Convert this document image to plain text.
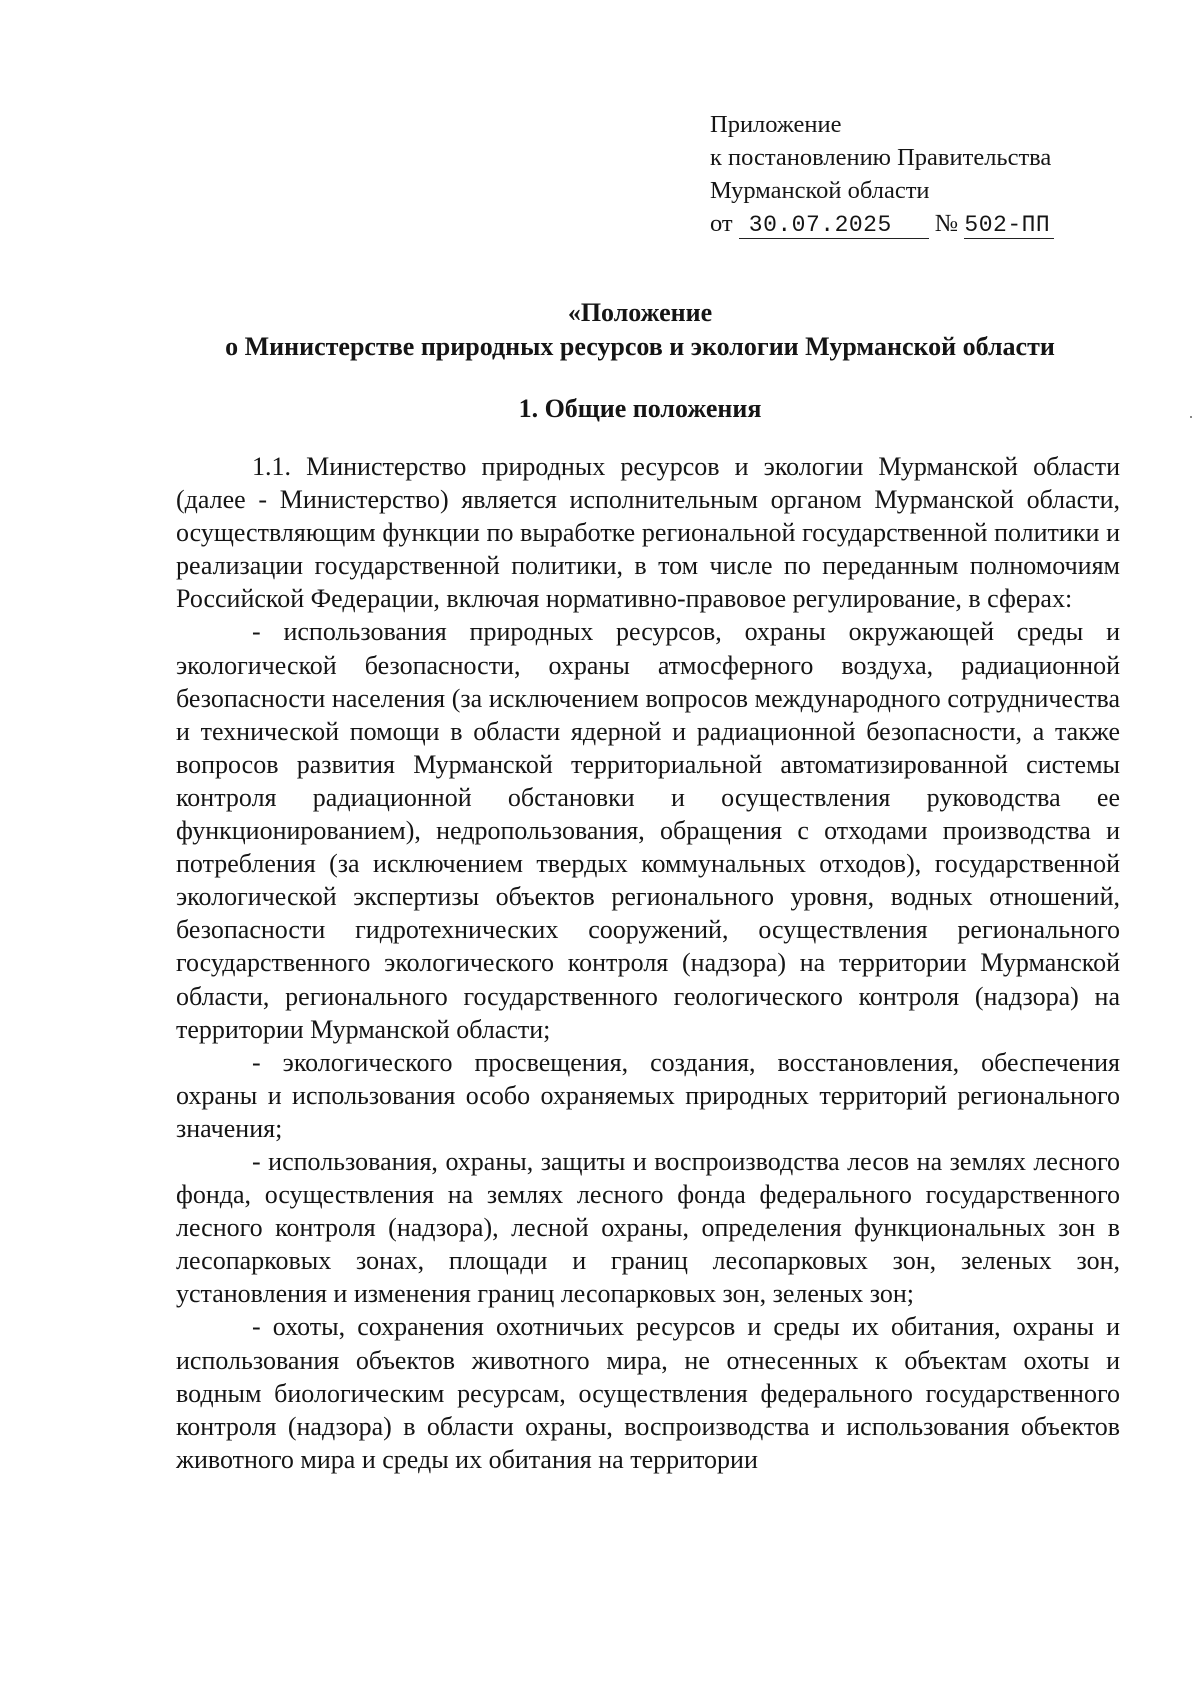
Приложение
к постановлению Правительства
Мурманской области
от 30.07.2025 № 502-ПП
«Положение
о Министерстве природных ресурсов и экологии Мурманской области
1. Общие положения

1.1. Министерство природных ресурсов и экологии Мурманской области (далее - Министерство) является исполнительным органом Мурманской области, осуществляющим функции по выработке региональной государственной политики и реализации государственной политики, в том числе по переданным полномочиям Российской Федерации, включая нормативно-правовое регулирование, в сферах:

- использования природных ресурсов, охраны окружающей среды и экологической безопасности, охраны атмосферного воздуха, радиационной безопасности населения (за исключением вопросов международного сотрудничества и технической помощи в области ядерной и радиационной безопасности, а также вопросов развития Мурманской территориальной автоматизированной системы контроля радиационной обстановки и осуществления руководства ее функционированием), недропользования, обращения с отходами производства и потребления (за исключением твердых коммунальных отходов), государственной экологической экспертизы объектов регионального уровня, водных отношений, безопасности гидротехнических сооружений, осуществления регионального государственного экологического контроля (надзора) на территории Мурманской области, регионального государственного геологического контроля (надзора) на территории Мурманской области;

- экологического просвещения, создания, восстановления, обеспечения охраны и использования особо охраняемых природных территорий регионального значения;

- использования, охраны, защиты и воспроизводства лесов на землях лесного фонда, осуществления на землях лесного фонда федерального государственного лесного контроля (надзора), лесной охраны, определения функциональных зон в лесопарковых зонах, площади и границ лесопарковых зон, зеленых зон, установления и изменения границ лесопарковых зон, зеленых зон;

- охоты, сохранения охотничьих ресурсов и среды их обитания, охраны и использования объектов животного мира, не отнесенных к объектам охоты и водным биологическим ресурсам, осуществления федерального государственного контроля (надзора) в области охраны, воспроизводства и использования объектов животного мира и среды их обитания на территории
